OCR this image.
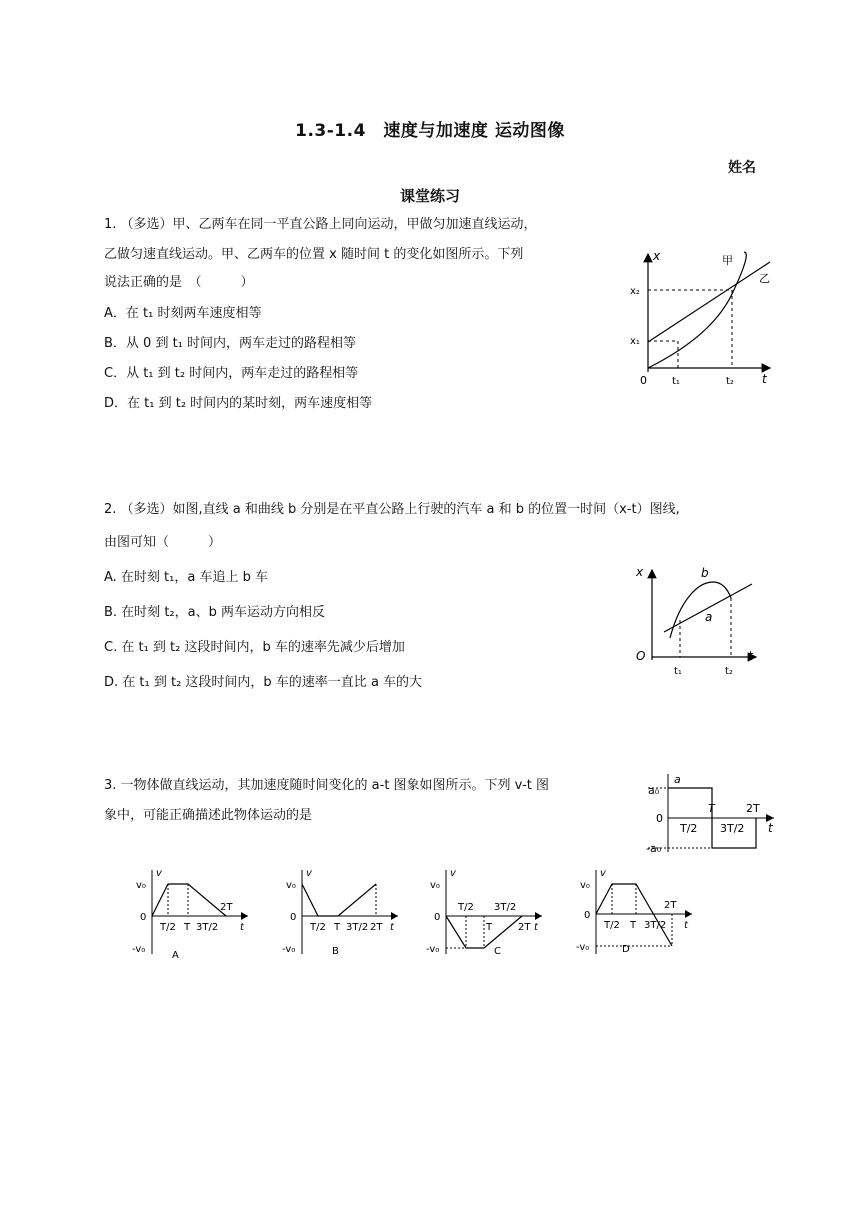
1.3-1.4　速度与加速度 运动图像
姓名
课堂练习
1. （多选）甲、乙两车在同一平直公路上同向运动，甲做匀加速直线运动，
乙做匀速直线运动。甲、乙两车的位置 x 随时间 t 的变化如图所示。下列
说法正确的是　（　　　）
A．在 t₁ 时刻两车速度相等
B．从 0 到 t₁ 时间内，两车走过的路程相等
C．从 t₁ 到 t₂ 时间内，两车走过的路程相等
D．在 t₁ 到 t₂ 时间内的某时刻，两车速度相等
x
t
0
甲
乙
x₁
x₂
t₁	t₂
2. （多选）如图,直线 a 和曲线 b 分别是在平直公路上行驶的汽车 a 和 b 的位置一时间（x-t）图线,
由图可知（　　　）
A. 在时刻 t₁，a 车追上 b 车
B. 在时刻 t₂，a、b 两车运动方向相反
C. 在 t₁ 到 t₂ 这段时间内，b 车的速率先减少后增加
D. 在 t₁ 到 t₂ 这段时间内，b 车的速率一直比 a 车的大
x
t
O
b
a
t₁	t₂
3. 一物体做直线运动，其加速度随时间变化的 a-t 图象如图所示。下列 v-t 图
象中，可能正确描述此物体运动的是
a
t
a₀
0
-a₀
T	2T
T/2 3T/2
v
t
v₀
0
-v₀
T/2 T 3T/2
2T
A
v
t
v₀
0
-v₀
T/2 T 3T/2 2T
B
v
t
v₀
0
-v₀
T/2
T
3T/2
2T
C
v
t
v₀
0
-v₀
T/2 T 3T/2
2T
D
